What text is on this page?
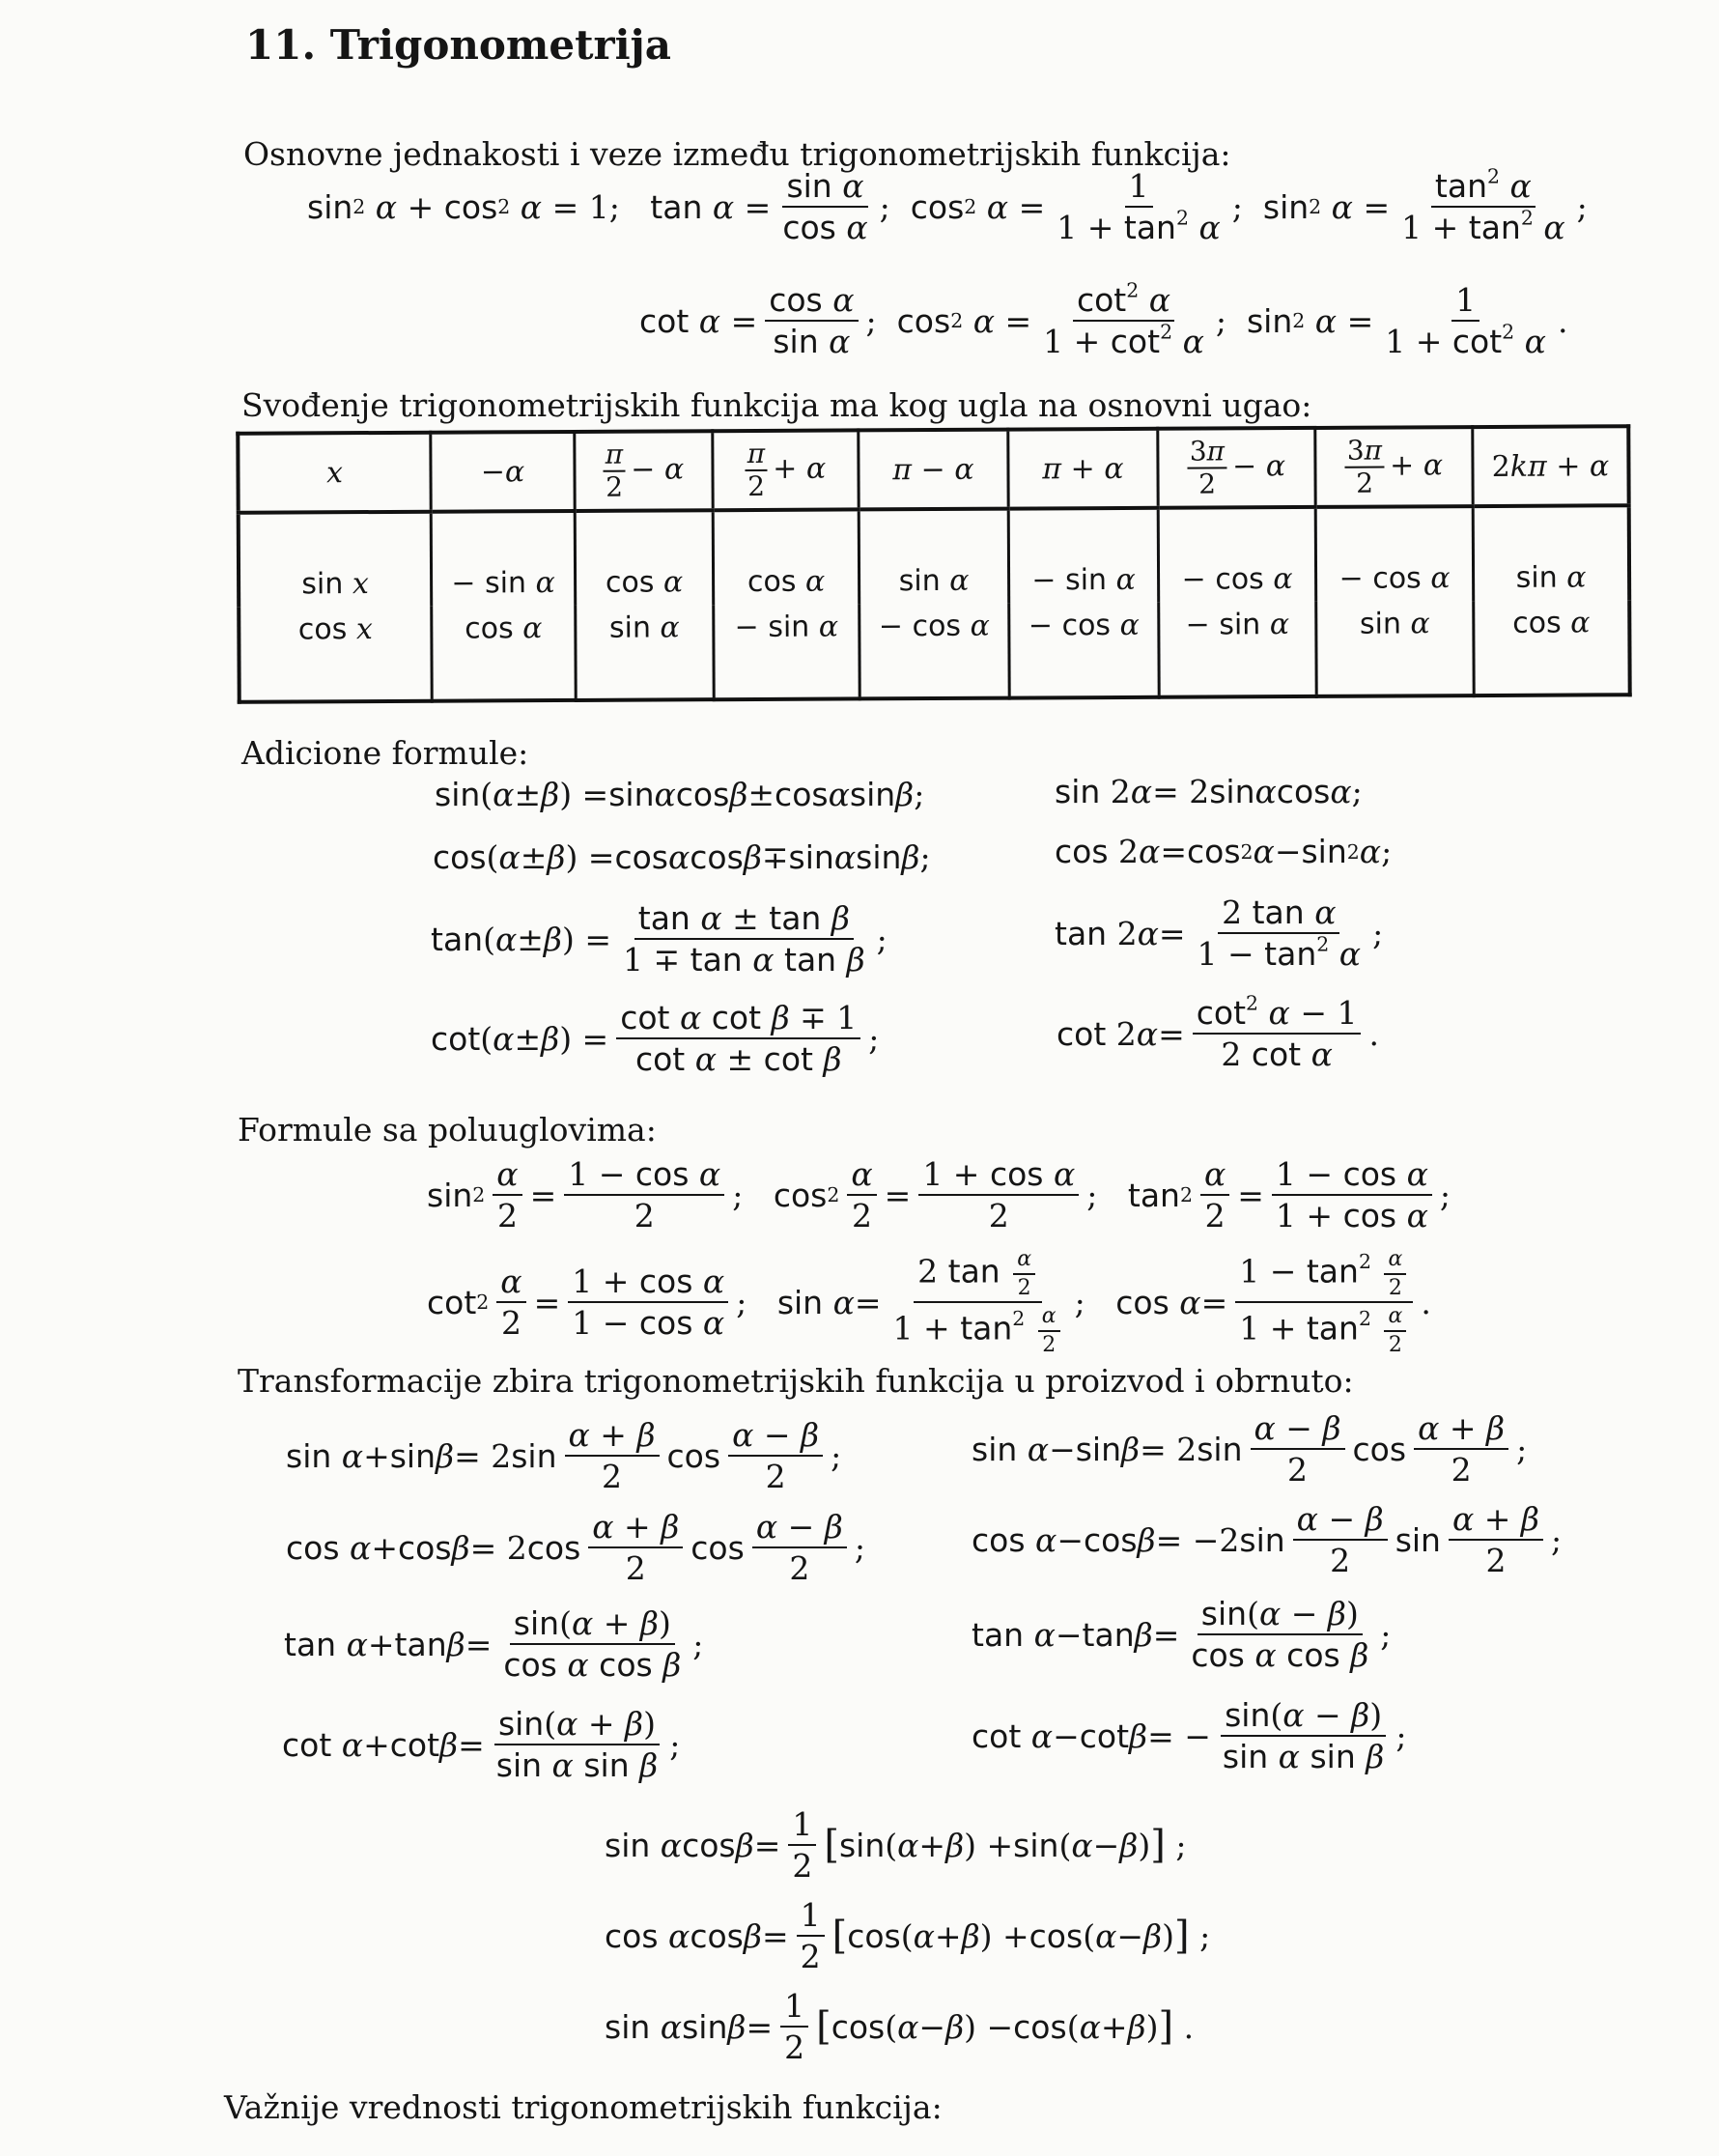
11. Trigonometrija
Osnovne jednakosti i veze između trigonometrijskih funkcija:
sin 2
α + cos 2
α = 1; tan
$\alpha = \frac{\text{sin α}}{\text{cos α}}$ ; cos 2
$\alpha = \frac{1}{1 + \tan^2 \alpha}$ ; sin 2
$\alpha = \frac{\tan^2 \alpha}{1 + \tan^2 \alpha}$ ;
cot
$\alpha = \frac{\text{cos α}}{\text{sin α}}$ ; cos 2
$\alpha = \frac{\cot^2 \alpha}{1 + \cot^2 \alpha}$ ; sin 2
$\alpha = \frac{1}{1 + \cot^2 \alpha}$ .
Svođenje trigonometrijskih funkcija ma kog ugla na osnovni ugao:
x	−α	$\frac{\pi}{2} - \alpha$	$\frac{\pi}{2} + \alpha$	π − α	π + α	$\frac{3\pi}{2} - \alpha$	$\frac{3\pi}{2} + \alpha$	2kπ + α
sin x	− sin α	cos α	cos α	sin α	− sin α	− cos α	− cos α	sin α
cos x	cos α	sin α	− sin α	− cos α	− cos α	− sin α	sin α	cos α
Adicione formule:
sin ( α ± β ) = sin α cos β ± cos α sin β ;
cos ( α ± β ) = cos α cos β ∓ sin α sin β ;
tan ( α ± β ) = $\frac{\text{tan α ± tan β}}{\text{1 ∓ tan α tan β}}$ ;
cot ( α ± β ) = $\frac{\text{cot α cot β ∓ 1}}{\text{cot α ± cot β}}$ ;
sin 2 α = 2 sin α cos α ;
cos 2 α = cos 2 α − sin 2 α ;
tan 2 $\alpha = \frac{\text{2 tan α}}{1 - \tan^2 \alpha}$ ;
cot 2 $\alpha = \frac{\cot^2 \alpha - 1}{\text{2 cot α}}$ .
Formule sa poluuglovima:
$\sin 2 \frac{\alpha}{2} = \frac{\text{1 − cos α}}{2}$ ; $\cos 2 \frac{\alpha}{2} = \frac{\text{1 + cos α}}{2}$ ; $\tan 2 \frac{\alpha}{2} = \frac{\text{1 − cos α}}{\text{1 + cos α}}$ ;
$\cot 2 \frac{\alpha}{2} = \frac{\text{1 + cos α}}{\text{1 − cos α}}$ ; sin
$\alpha = \frac{2 \tan \frac{\alpha}{2}}{1 + \tan^2 \frac{\alpha}{2}}$ ; cos
$\alpha = \frac{1 - \tan^2 \frac{\alpha}{2}}{1 + \tan^2 \frac{\alpha}{2}}$ .
Transformacije zbira trigonometrijskih funkcija u proizvod i obrnuto:
sin
α + sin β = 2 $\sin \frac{\alpha + \beta}{2}$ $\cos \frac{\alpha - \beta}{2}$ ;
cos
α + cos β = 2 $\cos \frac{\alpha + \beta}{2}$ $\cos \frac{\alpha - \beta}{2}$ ;
tan
$\alpha + \tan \beta = \frac{\sin(\alpha + \beta)}{\text{cos α cos β}}$ ;
cot
$\alpha + \cot \beta = \frac{\sin(\alpha + \beta)}{\text{sin α sin β}}$ ;
sin
α − sin β = 2 $\sin \frac{\alpha - \beta}{2}$ $\cos \frac{\alpha + \beta}{2}$ ;
cos
α − cos β = −2 $\sin \frac{\alpha - \beta}{2}$ $\sin \frac{\alpha + \beta}{2}$ ;
tan
$\alpha - \tan \beta = \frac{\sin(\alpha - \beta)}{\text{cos α cos β}}$ ;
cot
α − cot β = − $\frac{\sin(\alpha - \beta)}{\text{sin α sin β}}$ ;
sin
α $\cos \beta = \frac{1}{2}$ [ sin ( α + β ) + sin ( α − β ) ] ;
cos
α $\cos \beta = \frac{1}{2}$ [ cos ( α + β ) + cos ( α − β ) ] ;
sin
α $\sin \beta = \frac{1}{2}$ [ cos ( α − β ) − cos ( α + β ) ] .
Važnije vrednosti trigonometrijskih funkcija:
